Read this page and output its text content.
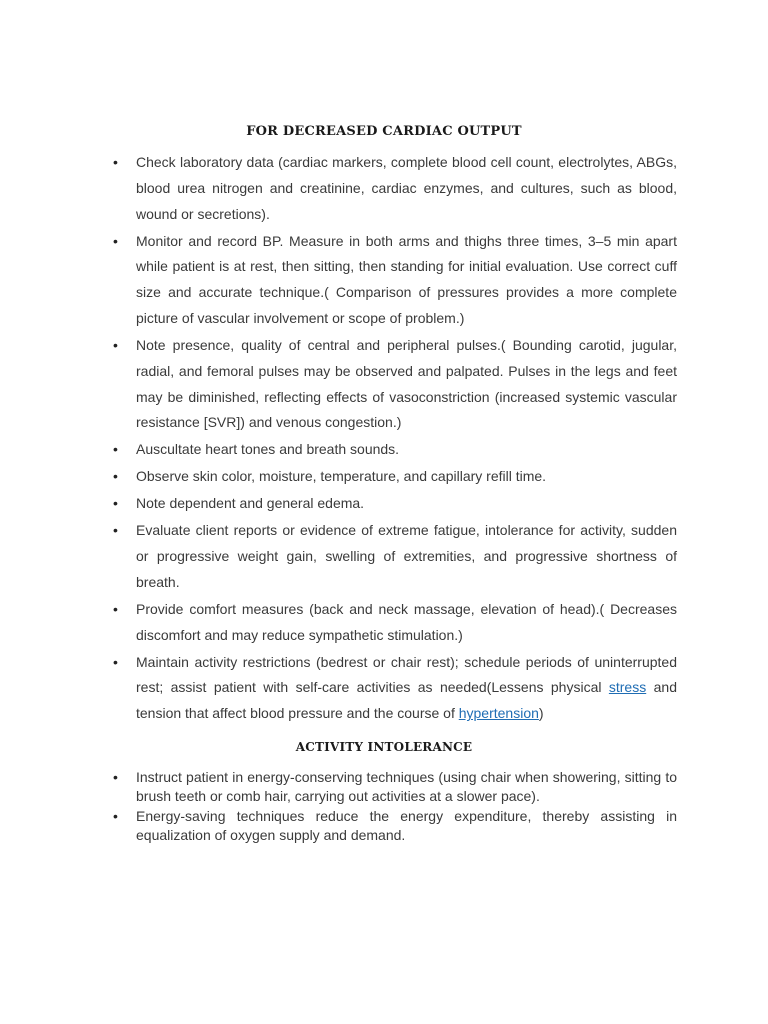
FOR DECREASED CARDIAC OUTPUT
• Check laboratory data (cardiac markers, complete blood cell count, electrolytes, ABGs, blood urea nitrogen and creatinine, cardiac enzymes, and cultures, such as blood, wound or secretions).
• Monitor and record BP. Measure in both arms and thighs three times, 3–5 min apart while patient is at rest, then sitting, then standing for initial evaluation. Use correct cuff size and accurate technique.( Comparison of pressures provides a more complete picture of vascular involvement or scope of problem.)
• Note presence, quality of central and peripheral pulses.( Bounding carotid, jugular, radial, and femoral pulses may be observed and palpated. Pulses in the legs and feet may be diminished, reflecting effects of vasoconstriction (increased systemic vascular resistance [SVR]) and venous congestion.)
• Auscultate heart tones and breath sounds.
• Observe skin color, moisture, temperature, and capillary refill time.
• Note dependent and general edema.
• Evaluate client reports or evidence of extreme fatigue, intolerance for activity, sudden or progressive weight gain, swelling of extremities, and progressive shortness of breath.
• Provide comfort measures (back and neck massage, elevation of head).( Decreases discomfort and may reduce sympathetic stimulation.)
• Maintain activity restrictions (bedrest or chair rest); schedule periods of uninterrupted rest; assist patient with self-care activities as needed(Lessens physical stress and tension that affect blood pressure and the course of hypertension)
ACTIVITY INTOLERANCE
• Instruct patient in energy-conserving techniques (using chair when showering, sitting to brush teeth or comb hair, carrying out activities at a slower pace).
• Energy-saving techniques reduce the energy expenditure, thereby assisting in equalization of oxygen supply and demand.
